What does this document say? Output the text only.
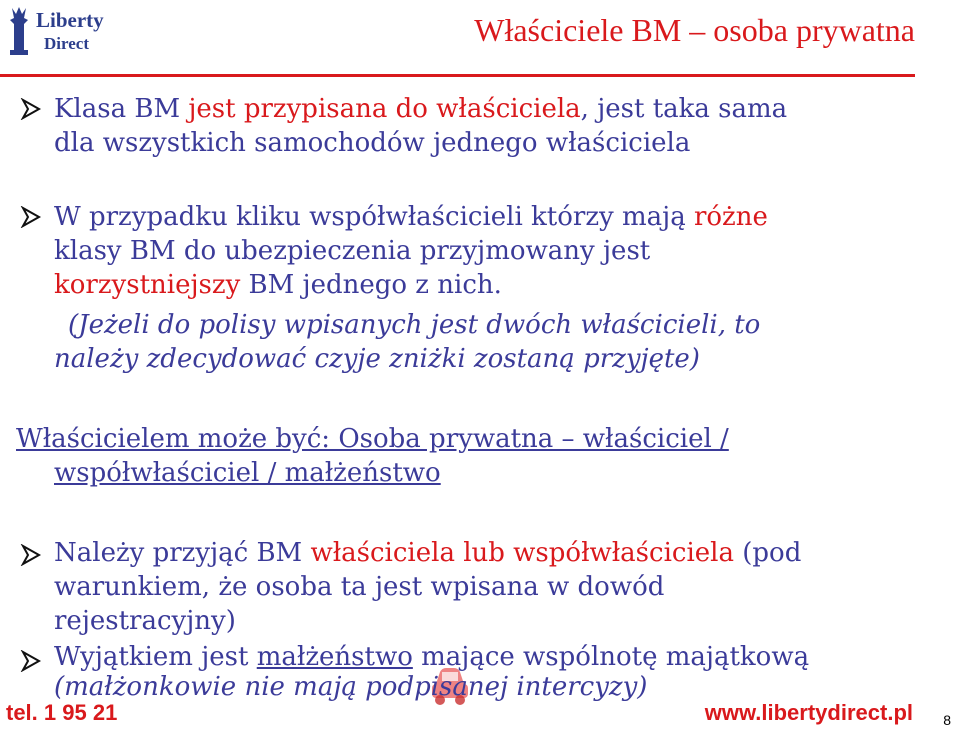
Liberty
Direct	Właściciele BM – osoba prywatna
Klasa BM jest przypisana do właściciela, jest taka sama
dla wszystkich samochodów jednego właściciela
W przypadku kliku współwłaścicieli którzy mają różne
klasy BM do ubezpieczenia przyjmowany jest
korzystniejszy BM jednego z nich.
(Jeżeli do polisy wpisanych jest dwóch właścicieli, to
należy zdecydować czyje zniżki zostaną przyjęte)
Właścicielem może być: Osoba prywatna – właściciel /
współwłaściciel / małżeństwo
Należy przyjąć BM właściciela lub współwłaściciela (pod
warunkiem, że osoba ta jest wpisana w dowód
rejestracyjny)
Wyjątkiem jest małżeństwo mające wspólnotę majątkową
(małżonkowie nie mają podpisanej intercyzy)
tel. 1 95 21	www.libertydirect.pl 8
